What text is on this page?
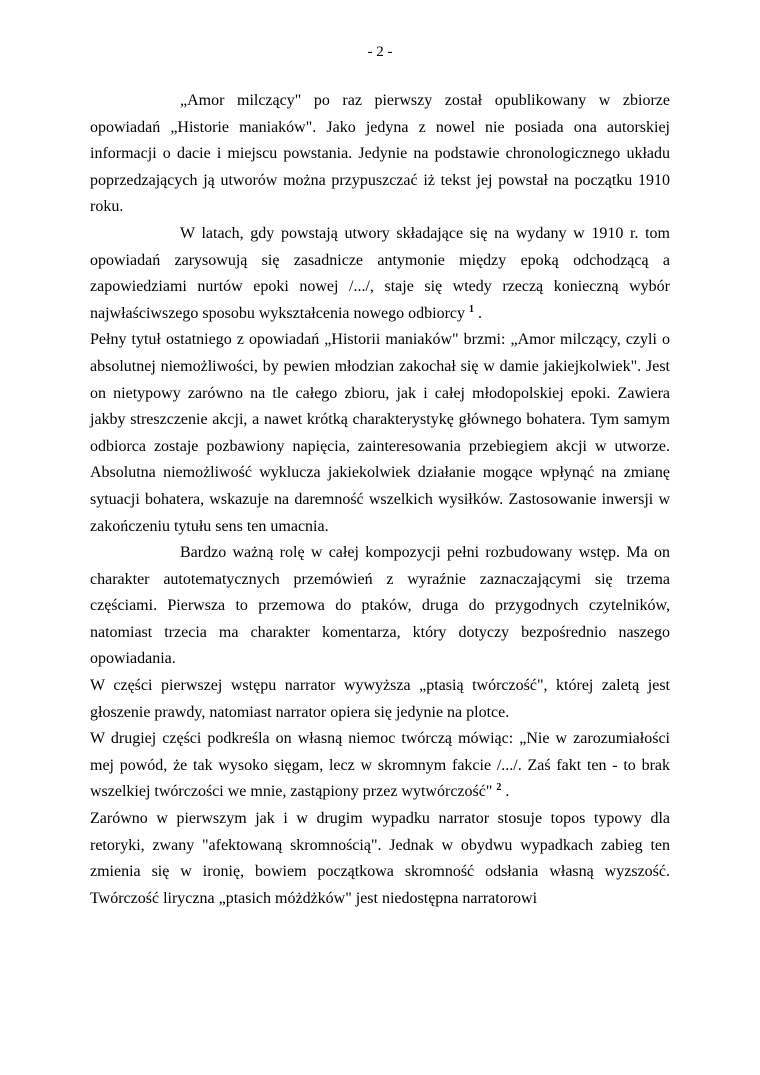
- 2 -

„Amor milczący" po raz pierwszy został opublikowany w zbiorze opowiadań „Historie maniaków". Jako jedyna z nowel nie posiada ona autorskiej informacji o dacie i miejscu powstania. Jedynie na podstawie chronologicznego układu poprzedzających ją utworów można przypuszczać iż tekst jej powstał na początku 1910 roku.

W latach, gdy powstają utwory składające się na wydany w 1910 r. tom opowiadań zarysowują się zasadnicze antymonie między epoką odchodzącą a zapowiedziami nurtów epoki nowej /.../, staje się wtedy rzeczą konieczną wybór najwłaściwszego sposobu wykształcenia nowego odbiorcy $^1$ .

Pełny tytuł ostatniego z opowiadań „Historii maniaków" brzmi: „Amor milczący, czyli o absolutnej niemożliwości, by pewien młodzian zakochał się w damie jakiejkolwiek". Jest on nietypowy zarówno na tle całego zbioru, jak i całej młodopolskiej epoki. Zawiera jakby streszczenie akcji, a nawet krótką charakterystykę głównego bohatera. Tym samym odbiorca zostaje pozbawiony napięcia, zainteresowania przebiegiem akcji w utworze. Absolutna niemożliwość wyklucza jakiekolwiek działanie mogące wpłynąć na zmianę sytuacji bohatera, wskazuje na daremność wszelkich wysiłków. Zastosowanie inwersji w zakończeniu tytułu sens ten umacnia.

Bardzo ważną rolę w całej kompozycji pełni rozbudowany wstęp. Ma on charakter autotematycznych przemówień z wyraźnie zaznaczającymi się trzema częściami. Pierwsza to przemowa do ptaków, druga do przygodnych czytelników, natomiast trzecia ma charakter komentarza, który dotyczy bezpośrednio naszego opowiadania.

W części pierwszej wstępu narrator wywyższa „ptasią twórczość", której zaletą jest głoszenie prawdy, natomiast narrator opiera się jedynie na plotce.

W drugiej części podkreśla on własną niemoc twórczą mówiąc: „Nie w zarozumiałości mej powód, że tak wysoko sięgam, lecz w skromnym fakcie /.../. Zaś fakt ten - to brak wszelkiej twórczości we mnie, zastąpiony przez wytwórczość" $^2$ .

Zarówno w pierwszym jak i w drugim wypadku narrator stosuje topos typowy dla retoryki, zwany "afektowaną skromnością". Jednak w obydwu wypadkach zabieg ten zmienia się w ironię, bowiem początkowa skromność odsłania własną wyzszość. Twórczość liryczna „ptasich móżdżków" jest niedostępna narratorowi
